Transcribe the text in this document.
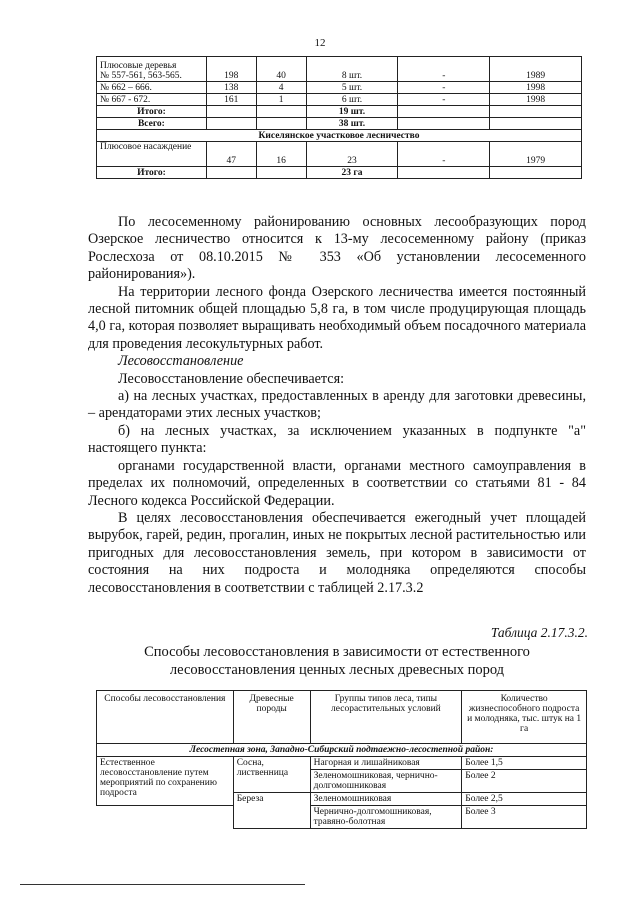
12
Плюсовые деревья
№ 557-561, 563-565.	198	40	8 шт.	-	1989
№ 662 – 666.	138	4	5 шт.	-	1998
№ 667 - 672.	161	1	6 шт.	-	1998
Итого:			19 шт.		
Всего:			38 шт.		
Киселянское участковое лесничество					
Плюсовое насаждение	47	16	23	-	1979
Итого:			23 га		

По лесосеменному районированию основных лесообразующих пород Озерское лесничество относится к 13-му лесосеменному району (приказ Рослесхоза от 08.10.2015 № 353 «Об установлении лесосеменного районирования»).

На территории лесного фонда Озерского лесничества имеется постоянный лесной питомник общей площадью 5,8 га, в том числе продуцирующая площадь 4,0 га, которая позволяет выращивать необходимый объем посадочного материала для проведения лесокультурных работ.

Лесовосстановление

Лесовосстановление обеспечивается:

а) на лесных участках, предоставленных в аренду для заготовки древесины, – арендаторами этих лесных участков;

б) на лесных участках, за исключением указанных в подпункте "а" настоящего пункта:

органами государственной власти, органами местного самоуправления в пределах их полномочий, определенных в соответствии со статьями 81 - 84 Лесного кодекса Российской Федерации.

В целях лесовосстановления обеспечивается ежегодный учет площадей вырубок, гарей, редин, прогалин, иных не покрытых лесной растительностью или пригодных для лесовосстановления земель, при котором в зависимости от состояния на них подроста и молодняка определяются способы лесовосстановления в соответствии с таблицей 2.17.3.2

Таблица 2.17.3.2.
Способы лесовосстановления в зависимости от естественного
лесовосстановления ценных лесных древесных пород
Способы лесовосстановления	Древесные породы	Группы типов леса, типы лесорастительных условий	Количество жизнеспособного подроста и молодняка, тыс. штук на 1 га
Лесостепная зона, Западно-Сибирский подтаежно-лесостепной район:			
Естественное лесовосстановление путем мероприятий по сохранению подроста	Сосна, лиственница	Нагорная и лишайниковая	Более 1,5
		Зеленомошниковая, чернично-долгомошниковая	Более 2
	Береза	Зеленомошниковая	Более 2,5
		Чернично-долгомошниковая, травяно-болотная	Более 3
